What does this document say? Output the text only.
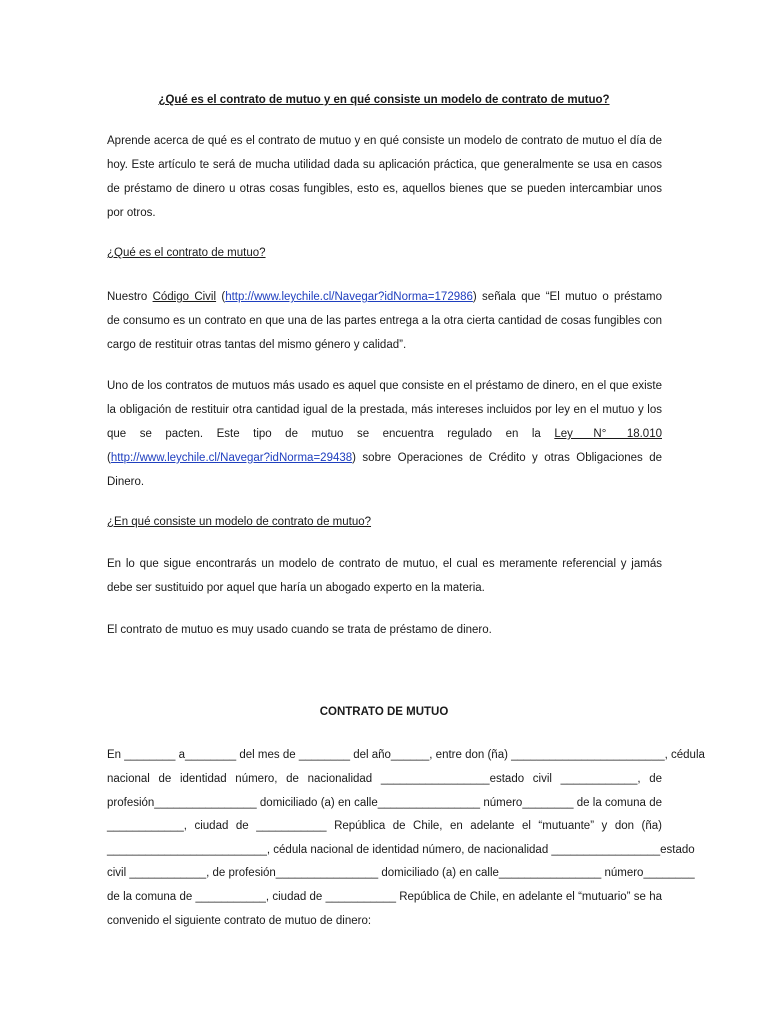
¿Qué es el contrato de mutuo y en qué consiste un modelo de contrato de mutuo?
Aprende acerca de qué es el contrato de mutuo y en qué consiste un modelo de contrato de mutuo el día de
hoy. Este artículo te será de mucha utilidad dada su aplicación práctica, que generalmente se usa en casos
de préstamo de dinero u otras cosas fungibles, esto es, aquellos bienes que se pueden intercambiar unos
por otros.
¿Qué es el contrato de mutuo?
Nuestro Código Civil (http://www.leychile.cl/Navegar?idNorma=172986) señala que “El mutuo o préstamo
de consumo es un contrato en que una de las partes entrega a la otra cierta cantidad de cosas fungibles con
cargo de restituir otras tantas del mismo género y calidad”.
Uno de los contratos de mutuos más usado es aquel que consiste en el préstamo de dinero, en el que existe
la obligación de restituir otra cantidad igual de la prestada, más intereses incluidos por ley en el mutuo y los
que se pacten. Este tipo de mutuo se encuentra regulado en la Ley N° 18.010
(http://www.leychile.cl/Navegar?idNorma=29438) sobre Operaciones de Crédito y otras Obligaciones de
Dinero.
¿En qué consiste un modelo de contrato de mutuo?
En lo que sigue encontrarás un modelo de contrato de mutuo, el cual es meramente referencial y jamás
debe ser sustituido por aquel que haría un abogado experto en la materia.
El contrato de mutuo es muy usado cuando se trata de préstamo de dinero.
CONTRATO DE MUTUO
En ________ a________ del mes de ________ del año______, entre don (ña) ________________________, cédula
nacional de identidad número, de nacionalidad _________________estado civil ____________, de
profesión________________ domiciliado (a) en calle________________ número________ de la comuna de
____________, ciudad de ___________ República de Chile, en adelante el “mutuante” y don (ña)
_________________________, cédula nacional de identidad número, de nacionalidad _________________estado
civil ____________, de profesión________________ domiciliado (a) en calle________________ número________
de la comuna de ___________, ciudad de ___________ República de Chile, en adelante el “mutuario” se ha
convenido el siguiente contrato de mutuo de dinero:
